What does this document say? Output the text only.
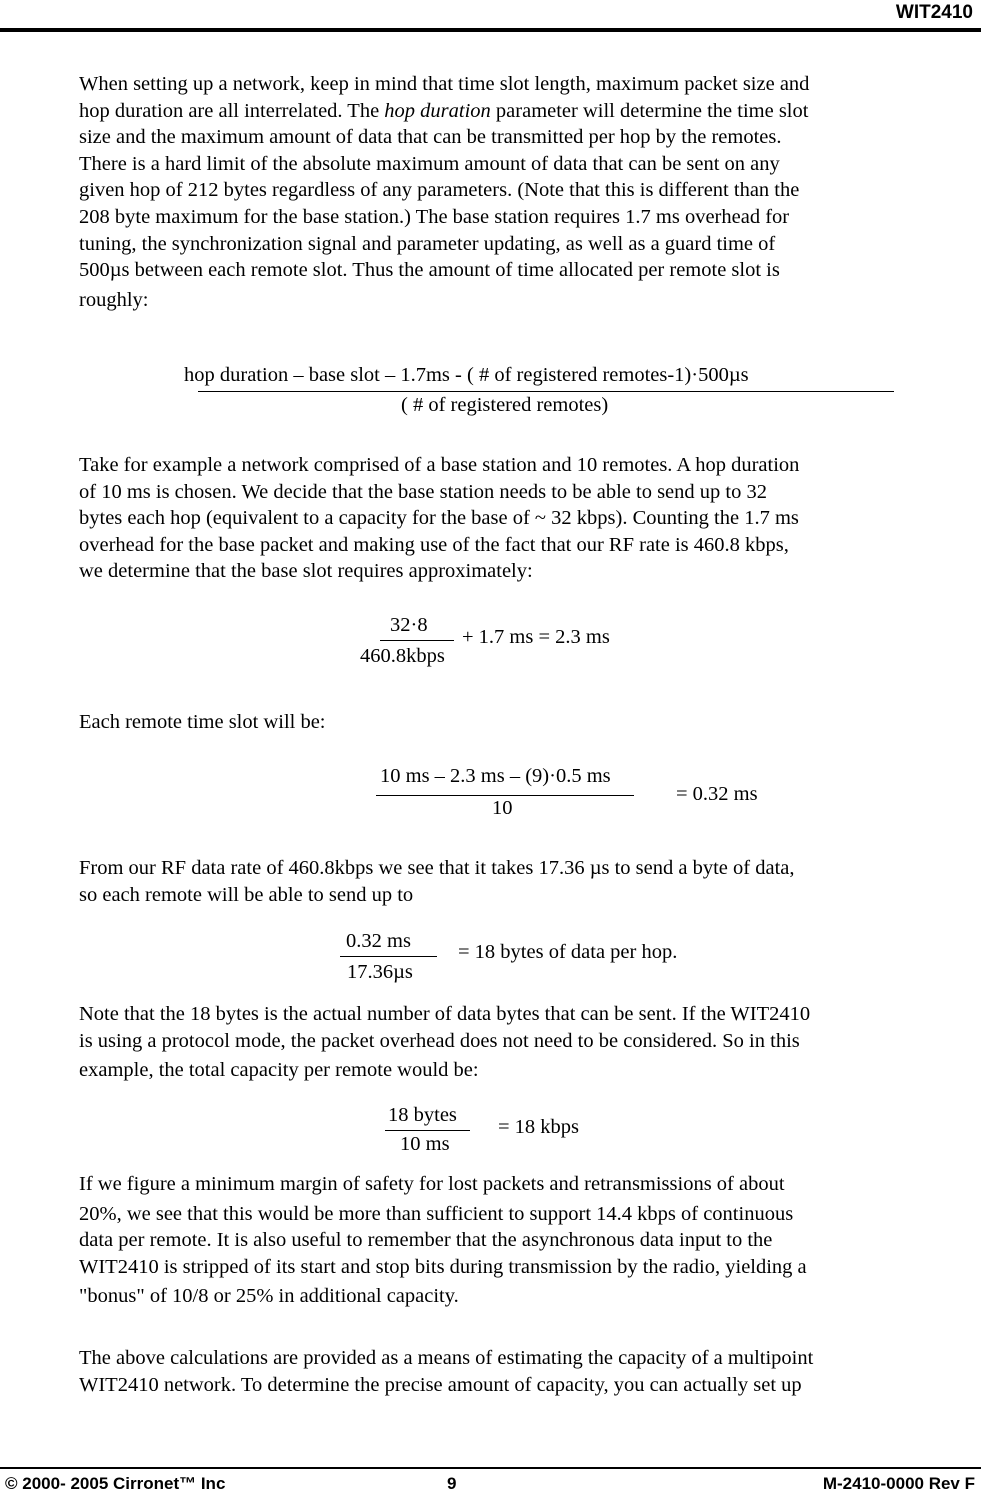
WIT2410

When setting up a network, keep in mind that time slot length, maximum packet size and
hop duration are all interrelated. The hop duration parameter will determine the time slot
size and the maximum amount of data that can be transmitted per hop by the remotes.
There is a hard limit of the absolute maximum amount of data that can be sent on any
given hop of 212 bytes regardless of any parameters. (Note that this is different than the
208 byte maximum for the base station.) The base station requires 1.7 ms overhead for
tuning, the synchronization signal and parameter updating, as well as a guard time of
500µs between each remote slot. Thus the amount of time allocated per remote slot is
roughly:

hop duration – base slot – 1.7ms - ( # of registered remotes-1)·500µs
( # of registered remotes)

Take for example a network comprised of a base station and 10 remotes. A hop duration
of 10 ms is chosen. We decide that the base station needs to be able to send up to 32
bytes each hop (equivalent to a capacity for the base of ~ 32 kbps). Counting the 1.7 ms
overhead for the base packet and making use of the fact that our RF rate is 460.8 kbps,
we determine that the base slot requires approximately:

32·8
460.8kbps
+ 1.7 ms = 2.3 ms

Each remote time slot will be:

10 ms – 2.3 ms – (9)·0.5 ms
10
= 0.32 ms

From our RF data rate of 460.8kbps we see that it takes 17.36 µs to send a byte of data,
so each remote will be able to send up to

0.32 ms
17.36µs
= 18 bytes of data per hop.

Note that the 18 bytes is the actual number of data bytes that can be sent. If the WIT2410
is using a protocol mode, the packet overhead does not need to be considered. So in this
example, the total capacity per remote would be:

18 bytes
10 ms
= 18 kbps

If we figure a minimum margin of safety for lost packets and retransmissions of about
20%, we see that this would be more than sufficient to support 14.4 kbps of continuous
data per remote. It is also useful to remember that the asynchronous data input to the
WIT2410 is stripped of its start and stop bits during transmission by the radio, yielding a
"bonus" of 10/8 or 25% in additional capacity.

The above calculations are provided as a means of estimating the capacity of a multipoint
WIT2410 network. To determine the precise amount of capacity, you can actually set up

© 2000- 2005 Cirronet™ Inc	9	M-2410-0000 Rev F
